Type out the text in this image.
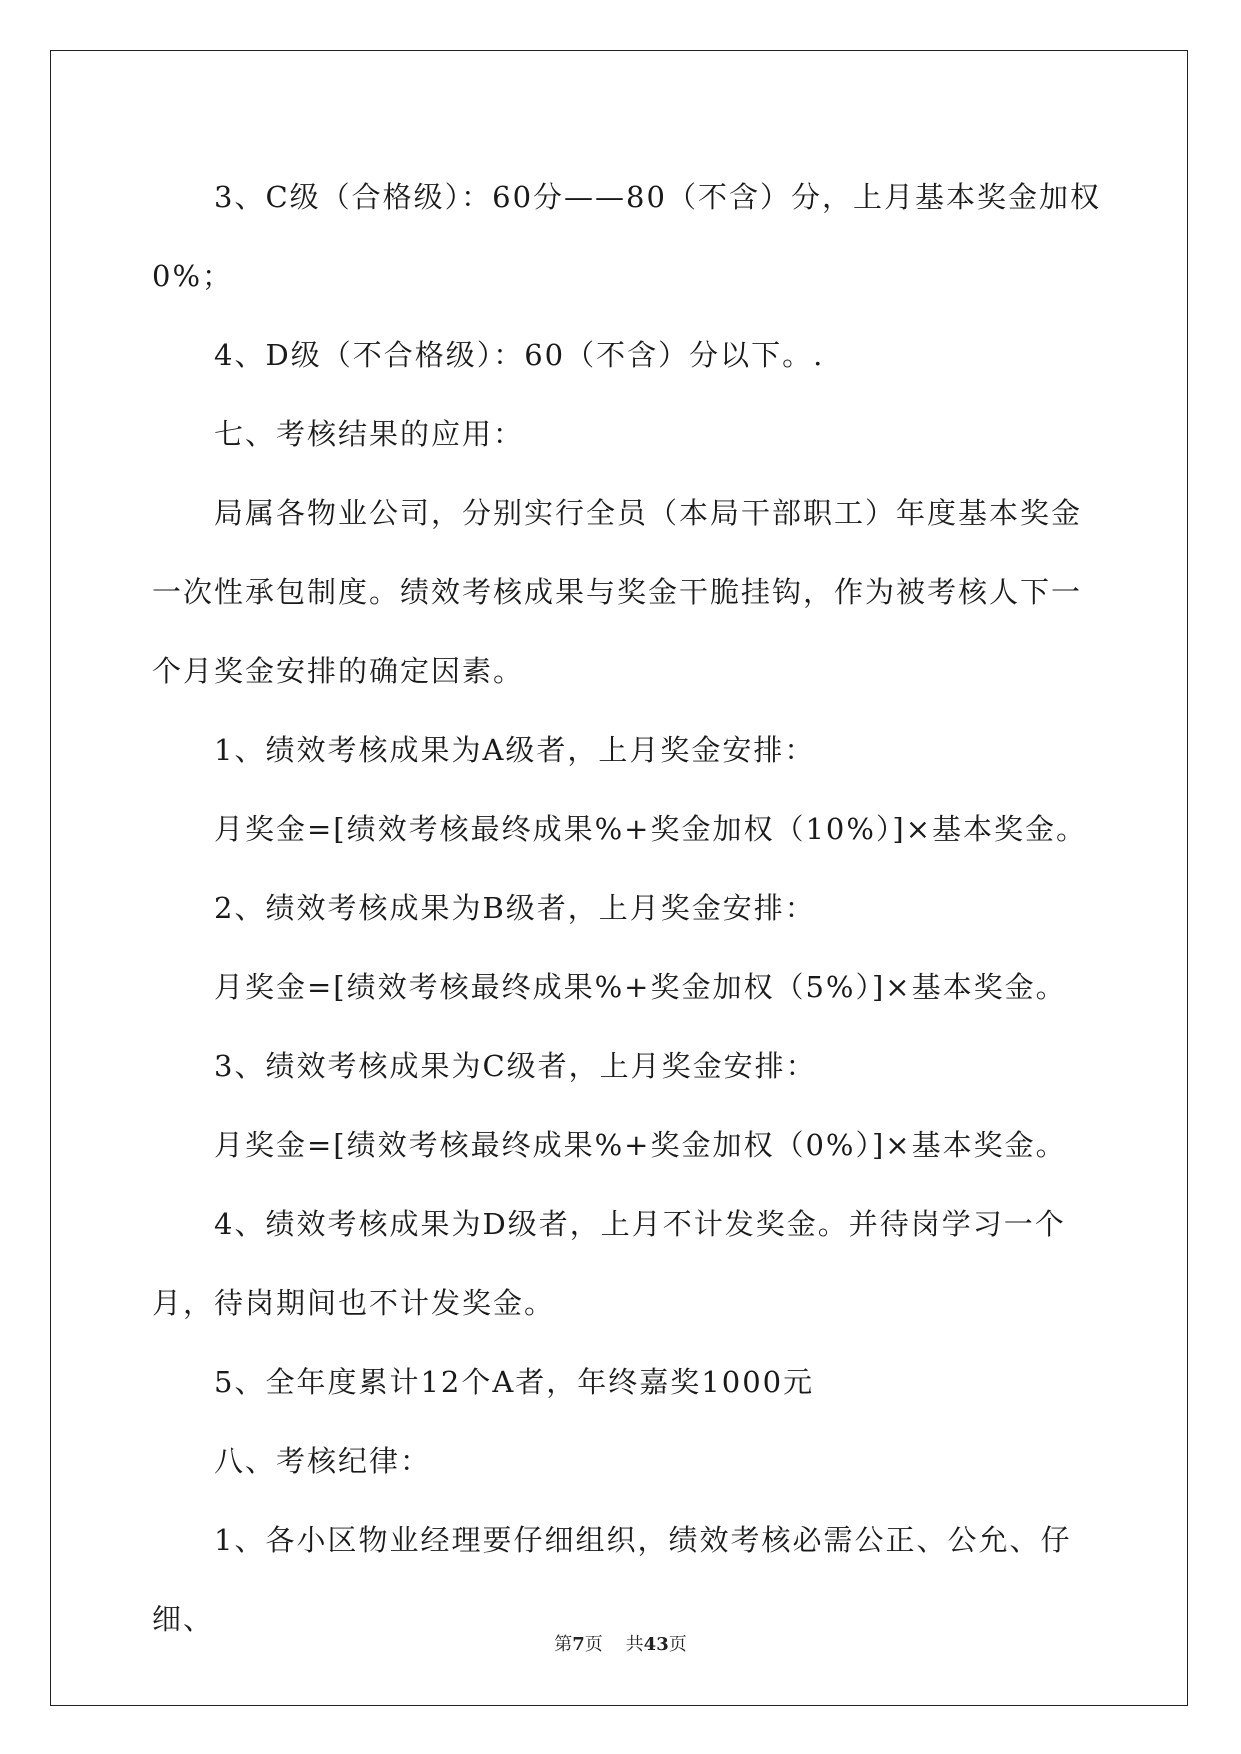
3、C级（合格级）：60分——80（不含）分，上月基本奖金加权0%；

4、D级（不合格级）：60（不含）分以下。.

七、考核结果的应用：

局属各物业公司，分别实行全员（本局干部职工）年度基本奖金一次性承包制度。绩效考核成果与奖金干脆挂钩，作为被考核人下一个月奖金安排的确定因素。

1、绩效考核成果为A级者，上月奖金安排：

月奖金=[绩效考核最终成果%+奖金加权（10%）]×基本奖金。

2、绩效考核成果为B级者，上月奖金安排：

月奖金=[绩效考核最终成果%+奖金加权（5%）]×基本奖金。

3、绩效考核成果为C级者，上月奖金安排：

月奖金=[绩效考核最终成果%+奖金加权（0%）]×基本奖金。

4、绩效考核成果为D级者，上月不计发奖金。并待岗学习一个月，待岗期间也不计发奖金。

5、全年度累计12个A者，年终嘉奖1000元

八、考核纪律：

1、各小区物业经理要仔细组织，绩效考核必需公正、公允、仔细、

第7页 共43页
